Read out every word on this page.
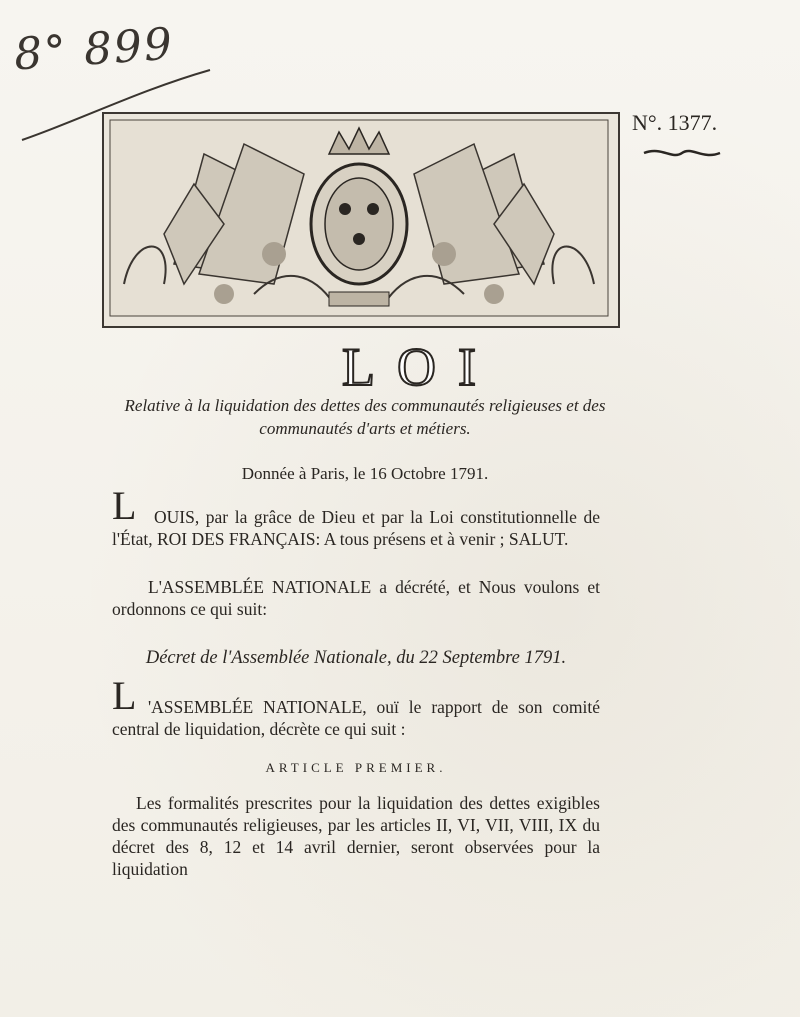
8° 899
N°. 1377.
LOI
Relative à la liquidation des dettes des communautés religieuses et des communautés d'arts et métiers.
Donnée à Paris, le 16 Octobre 1791.
L	OUIS, par la grâce de Dieu et par la Loi constitutionnelle de l'État, ROI DES FRANÇAIS: A tous présens et à venir ; SALUT.
L'ASSEMBLÉE NATIONALE a décrété, et Nous voulons et ordonnons ce qui suit:
Décret de l'Assemblée Nationale, du 22 Septembre 1791.
L 'ASSEMBLÉE NATIONALE, ouï le rapport de son comité central de liquidation, décrète ce qui suit :
ARTICLE PREMIER.
Les formalités prescrites pour la liquidation des dettes exigibles des communautés religieuses, par les articles II, VI, VII, VIII, IX du décret des 8, 12 et 14 avril dernier, seront observées pour la liquidation
